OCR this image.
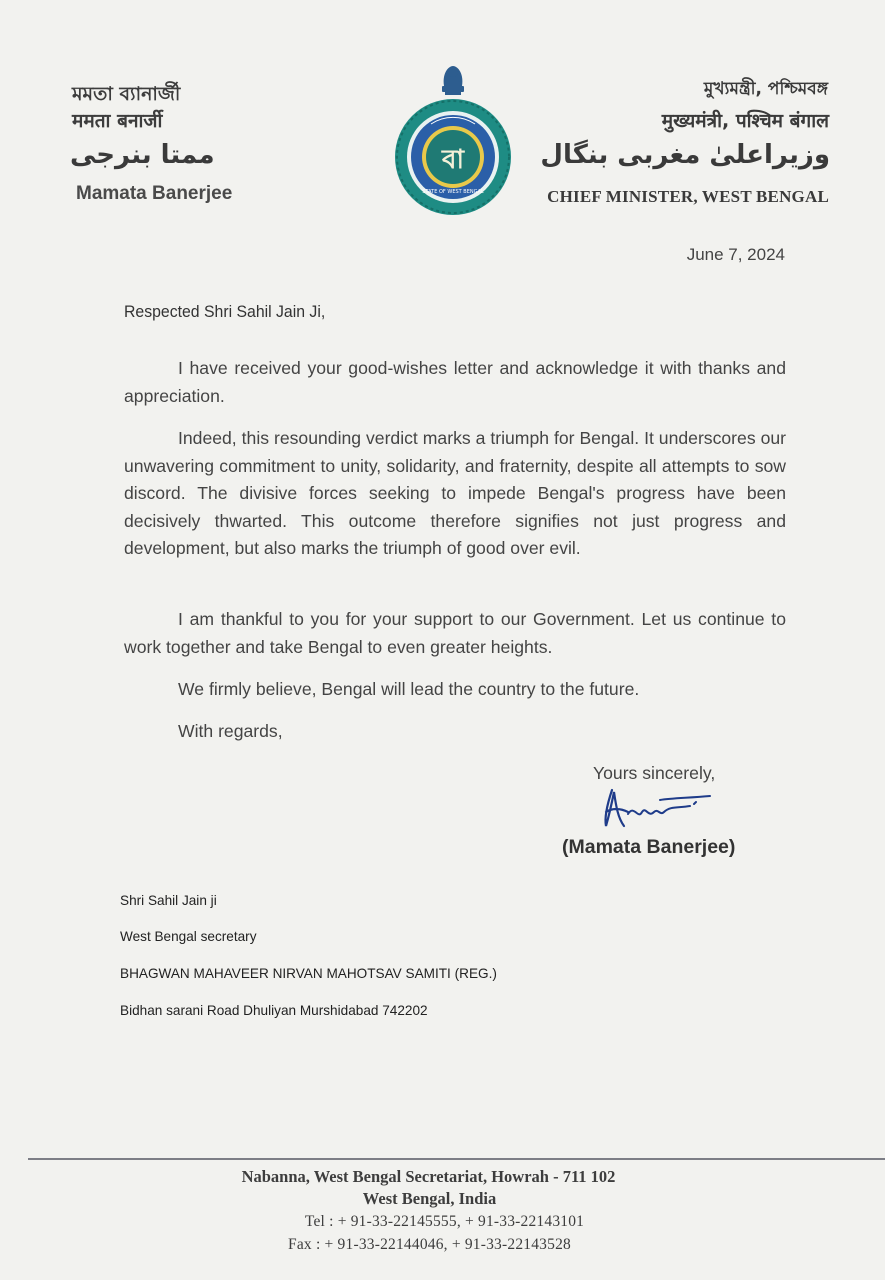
মমতা ব্যানার্জী
ममता बनार्जी
ممتا بنرجی
Mamata Banerjee
বা
STATE OF WEST BENGAL
মুখ্যমন্ত্রী, পশ্চিমবঙ্গ
मुख्यमंत्री, पश्चिम बंगाल
وزیراعلیٰ مغربی بنگال
CHIEF MINISTER, WEST BENGAL
June 7, 2024
Respected Shri Sahil Jain Ji,

I have received your good-wishes letter and acknowledge it with thanks and appreciation.

Indeed, this resounding verdict marks a triumph for Bengal. It underscores our unwavering commitment to unity, solidarity, and fraternity, despite all attempts to sow discord. The divisive forces seeking to impede Bengal's progress have been decisively thwarted. This outcome therefore signifies not just progress and development, but also marks the triumph of good over evil.

I am thankful to you for your support to our Government. Let us continue to work together and take Bengal to even greater heights.

We firmly believe, Bengal will lead the country to the future.

With regards,

Yours sincerely,
(Mamata Banerjee)
Shri Sahil Jain ji
West Bengal secretary
BHAGWAN MAHAVEER NIRVAN MAHOTSAV SAMITI (REG.)
Bidhan sarani Road Dhuliyan Murshidabad 742202
Nabanna, West Bengal Secretariat, Howrah - 711 102
West Bengal, India
Tel : + 91-33-22145555, + 91-33-22143101
Fax : + 91-33-22144046, + 91-33-22143528
